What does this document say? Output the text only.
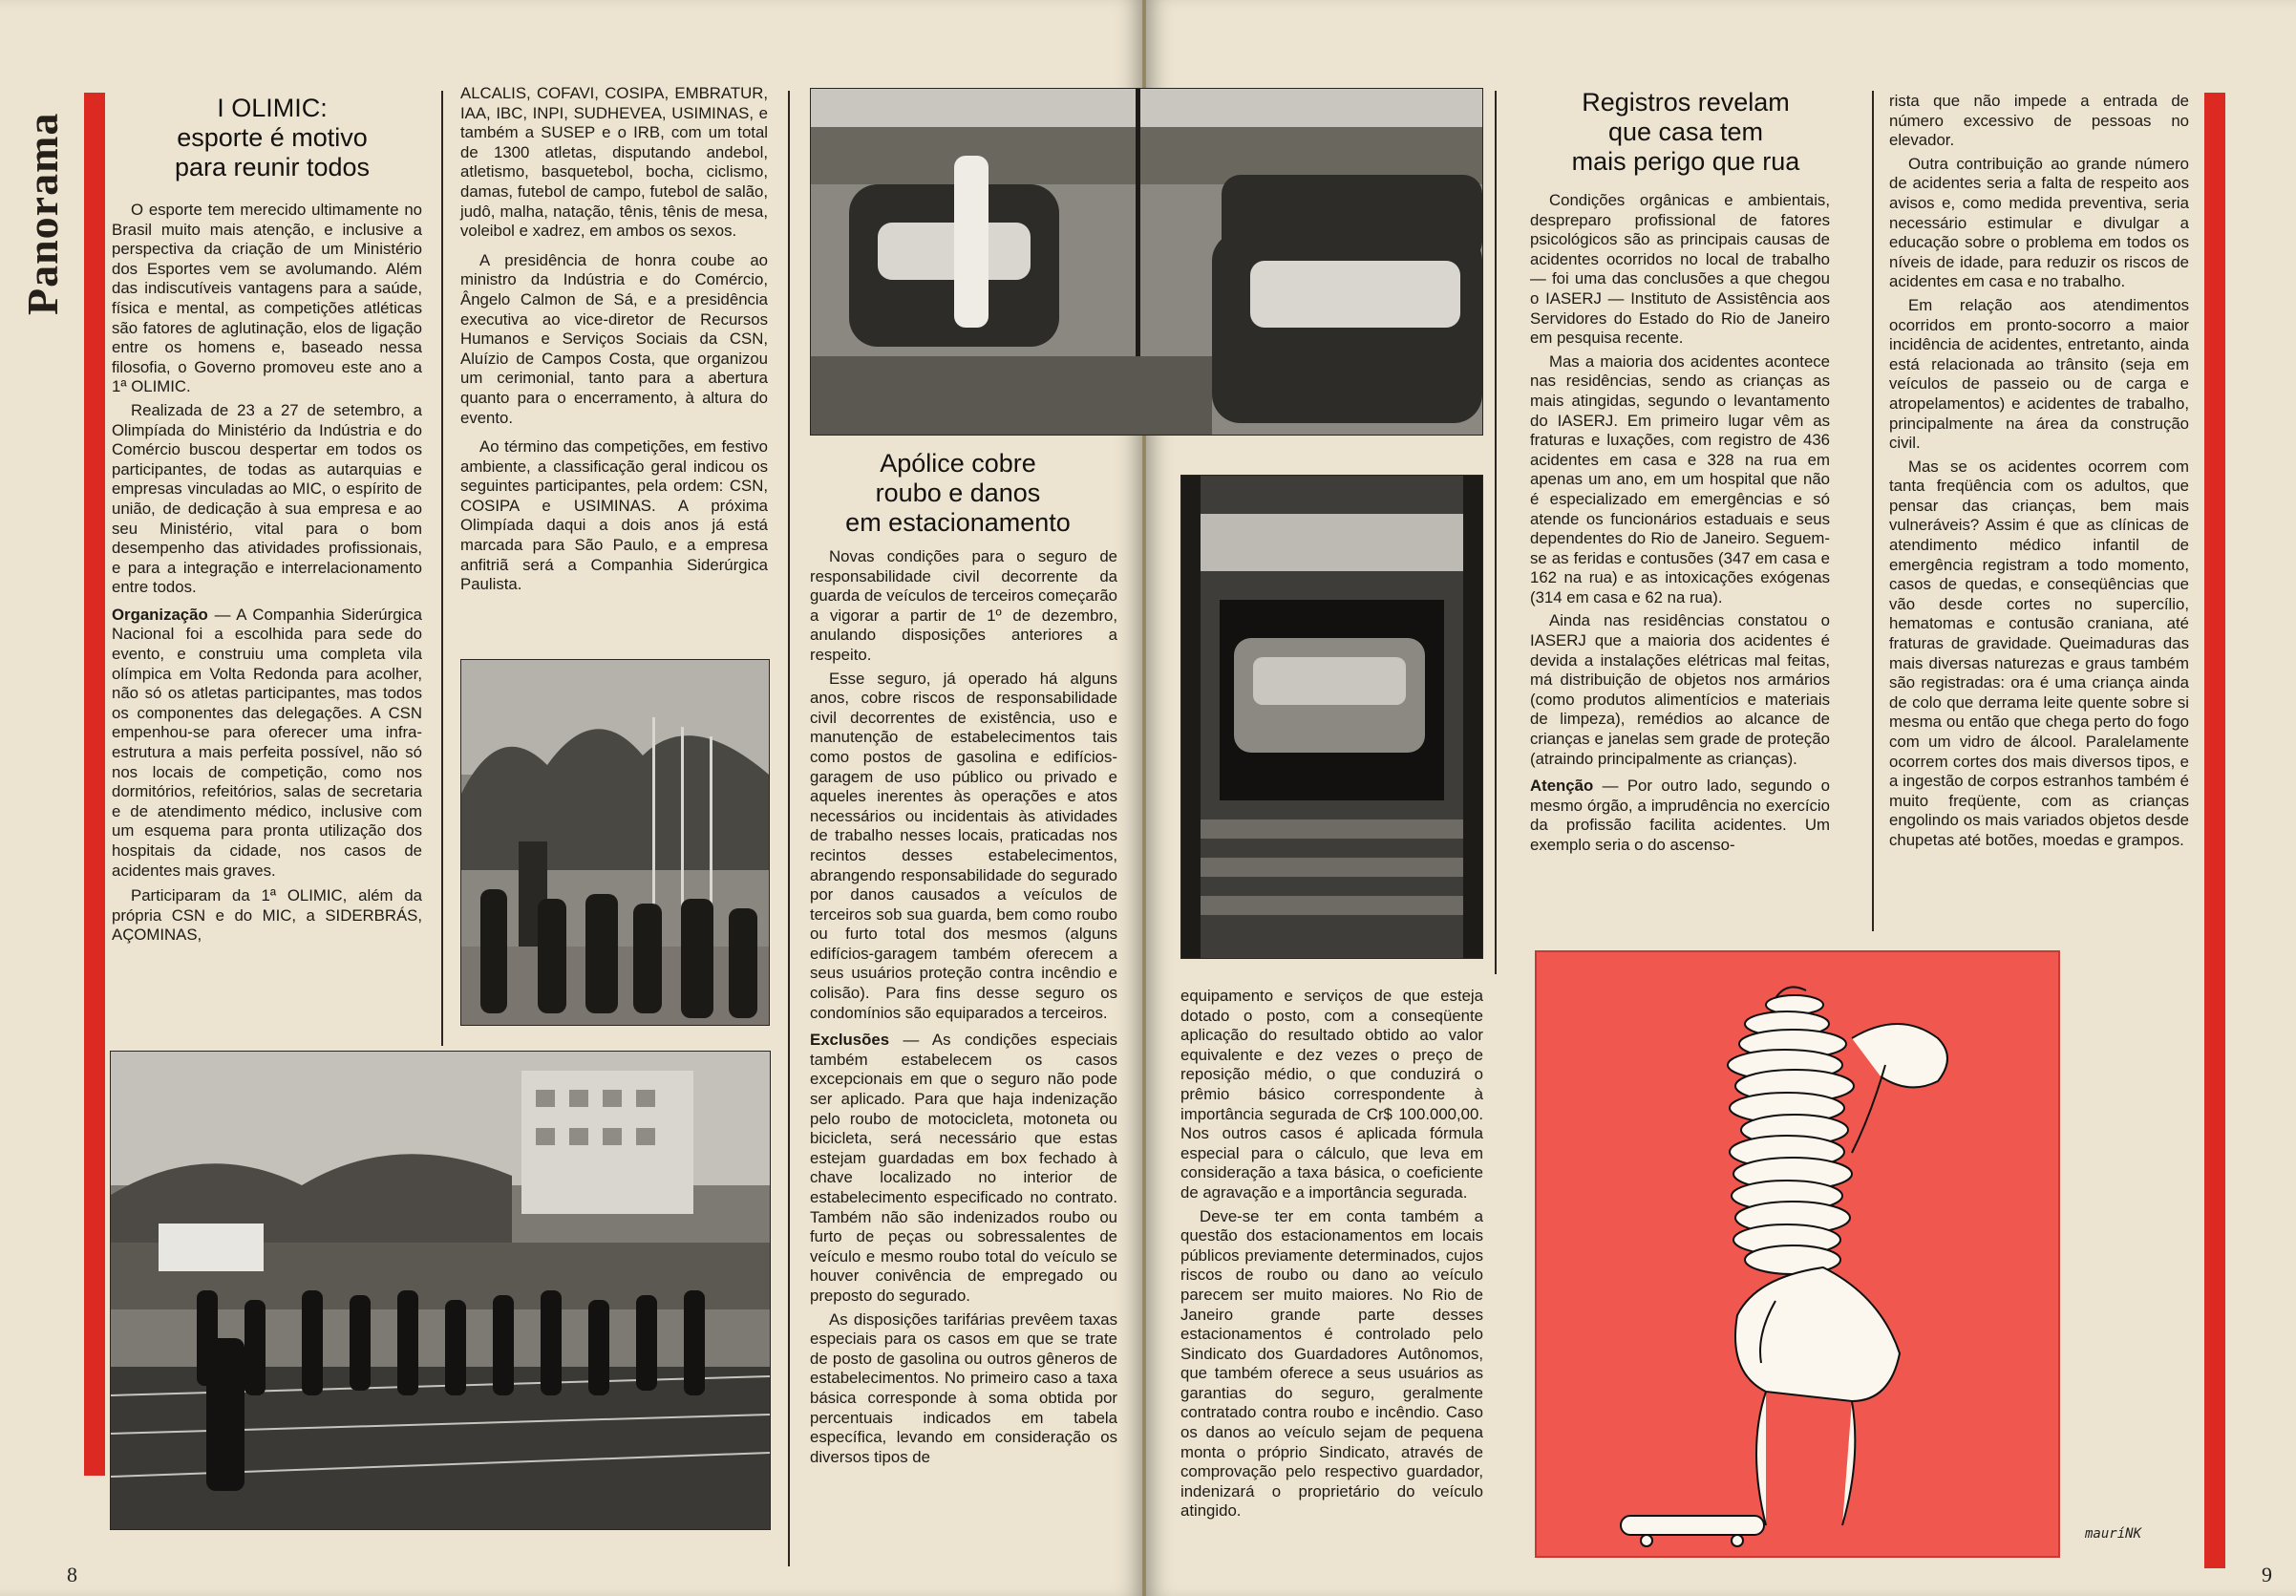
Panorama
I OLIMIC:
esporte é motivo
para reunir todos

O esporte tem merecido ultimamente no Brasil muito mais atenção, e inclusive a perspectiva da criação de um Ministério dos Esportes vem se avolumando. Além das indiscutíveis vantagens para a saúde, física e mental, as competições atléticas são fatores de aglutinação, elos de ligação entre os homens e, baseado nessa filosofia, o Governo promoveu este ano a 1ª OLIMIC.

Realizada de 23 a 27 de setembro, a Olimpíada do Ministério da Indústria e do Comércio buscou despertar em todos os participantes, de todas as autarquias e empresas vinculadas ao MIC, o espírito de união, de dedicação à sua empresa e ao seu Ministério, vital para o bom desempenho das atividades profissionais, e para a integração e interrelacionamento entre todos.

Organização — A Companhia Siderúrgica Nacional foi a escolhida para sede do evento, e construiu uma completa vila olímpica em Volta Redonda para acolher, não só os atletas participantes, mas todos os componentes das delegações. A CSN empenhou-se para oferecer uma infra-estrutura a mais perfeita possível, não só nos locais de competição, como nos dormitórios, refeitórios, salas de secretaria e de atendimento médico, inclusive com um esquema para pronta utilização dos hospitais da cidade, nos casos de acidentes mais graves.

Participaram da 1ª OLIMIC, além da própria CSN e do MIC, a SIDERBRÁS, AÇOMINAS,

ALCALIS, COFAVI, COSIPA, EMBRATUR, IAA, IBC, INPI, SUDHEVEA, USIMINAS, e também a SUSEP e o IRB, com um total de 1300 atletas, disputando andebol, atletismo, basquetebol, bocha, ciclismo, damas, futebol de campo, futebol de salão, judô, malha, natação, tênis, tênis de mesa, voleibol e xadrez, em ambos os sexos.

A presidência de honra coube ao ministro da Indústria e do Comércio, Ângelo Calmon de Sá, e a presidência executiva ao vice-diretor de Recursos Humanos e Serviços Sociais da CSN, Aluízio de Campos Costa, que organizou um cerimonial, tanto para a abertura quanto para o encerramento, à altura do evento.

Ao término das competições, em festivo ambiente, a classificação geral indicou os seguintes participantes, pela ordem: CSN, COSIPA e USIMINAS. A próxima Olimpíada daqui a dois anos já está marcada para São Paulo, e a empresa anfitriã será a Companhia Siderúrgica Paulista.

8
Apólice cobre
roubo e danos
em estacionamento

Novas condições para o seguro de responsabilidade civil decorrente da guarda de veículos de terceiros começarão a vigorar a partir de 1º de dezembro, anulando disposições anteriores a respeito.

Esse seguro, já operado há alguns anos, cobre riscos de responsabilidade civil decorrentes de existência, uso e manutenção de estabelecimentos tais como postos de gasolina e edifícios-garagem de uso público ou privado e aqueles inerentes às operações e atos necessários ou incidentais às atividades de trabalho nesses locais, praticadas nos recintos desses estabelecimentos, abrangendo responsabilidade do segurado por danos causados a veículos de terceiros sob sua guarda, bem como roubo ou furto total dos mesmos (alguns edifícios-garagem também oferecem a seus usuários proteção contra incêndio e colisão). Para fins desse seguro os condomínios são equiparados a terceiros.

Exclusões — As condições especiais também estabelecem os casos excepcionais em que o seguro não pode ser aplicado. Para que haja indenização pelo roubo de motocicleta, motoneta ou bicicleta, será necessário que estas estejam guardadas em box fechado à chave localizado no interior de estabelecimento especificado no contrato. Também não são indenizados roubo ou furto de peças ou sobressalentes de veículo e mesmo roubo total do veículo se houver conivência de empregado ou preposto do segurado.

As disposições tarifárias prevêem taxas especiais para os casos em que se trate de posto de gasolina ou outros gêneros de estabelecimentos. No primeiro caso a taxa básica corresponde à soma obtida por percentuais indicados em tabela específica, levando em consideração os diversos tipos de

equipamento e serviços de que esteja dotado o posto, com a conseqüente aplicação do resultado obtido ao valor equivalente e dez vezes o preço de reposição médio, o que conduzirá o prêmio básico correspondente à importância segurada de Cr$ 100.000,00. Nos outros casos é aplicada fórmula especial para o cálculo, que leva em consideração a taxa básica, o coeficiente de agravação e a importância segurada.

Deve-se ter em conta também a questão dos estacionamentos em locais públicos previamente determinados, cujos riscos de roubo ou dano ao veículo parecem ser muito maiores. No Rio de Janeiro grande parte desses estacionamentos é controlado pelo Sindicato dos Guardadores Autônomos, que também oferece a seus usuários as garantias do seguro, geralmente contratado contra roubo e incêndio. Caso os danos ao veículo sejam de pequena monta o próprio Sindicato, através de comprovação pelo respectivo guardador, indenizará o proprietário do veículo atingido.

Registros revelam
que casa tem
mais perigo que rua

Condições orgânicas e ambientais, despreparo profissional de fatores psicológicos são as principais causas de acidentes ocorridos no local de trabalho — foi uma das conclusões a que chegou o IASERJ — Instituto de Assistência aos Servidores do Estado do Rio de Janeiro em pesquisa recente.

Mas a maioria dos acidentes acontece nas residências, sendo as crianças as mais atingidas, segundo o levantamento do IASERJ. Em primeiro lugar vêm as fraturas e luxações, com registro de 436 acidentes em casa e 328 na rua em apenas um ano, em um hospital que não é especializado em emergências e só atende os funcionários estaduais e seus dependentes do Rio de Janeiro. Seguem-se as feridas e contusões (347 em casa e 162 na rua) e as intoxicações exógenas (314 em casa e 62 na rua).

Ainda nas residências constatou o IASERJ que a maioria dos acidentes é devida a instalações elétricas mal feitas, má distribuição de objetos nos armários (como produtos alimentícios e materiais de limpeza), remédios ao alcance de crianças e janelas sem grade de proteção (atraindo principalmente as crianças).

Atenção — Por outro lado, segundo o mesmo órgão, a imprudência no exercício da profissão facilita acidentes. Um exemplo seria o do ascenso-

rista que não impede a entrada de número excessivo de pessoas no elevador.

Outra contribuição ao grande número de acidentes seria a falta de respeito aos avisos e, como medida preventiva, seria necessário estimular e divulgar a educação sobre o problema em todos os níveis de idade, para reduzir os riscos de acidentes em casa e no trabalho.

Em relação aos atendimentos ocorridos em pronto-socorro a maior incidência de acidentes, entretanto, ainda está relacionada ao trânsito (seja em veículos de passeio ou de carga e atropelamentos) e acidentes de trabalho, principalmente na área da construção civil.

Mas se os acidentes ocorrem com tanta freqüência com os adultos, que pensar das crianças, bem mais vulneráveis? Assim é que as clínicas de atendimento médico infantil de emergência registram a todo momento, casos de quedas, e conseqüências que vão desde cortes no supercílio, hematomas e contusão craniana, até fraturas de gravidade. Queimaduras das mais diversas naturezas e graus também são registradas: ora é uma criança ainda de colo que derrama leite quente sobre si mesma ou então que chega perto do fogo com um vidro de álcool. Paralelamente ocorrem cortes dos mais diversos tipos, e a ingestão de corpos estranhos também é muito freqüente, com as crianças engolindo os mais variados objetos desde chupetas até botões, moedas e grampos.

mauríNK
9
